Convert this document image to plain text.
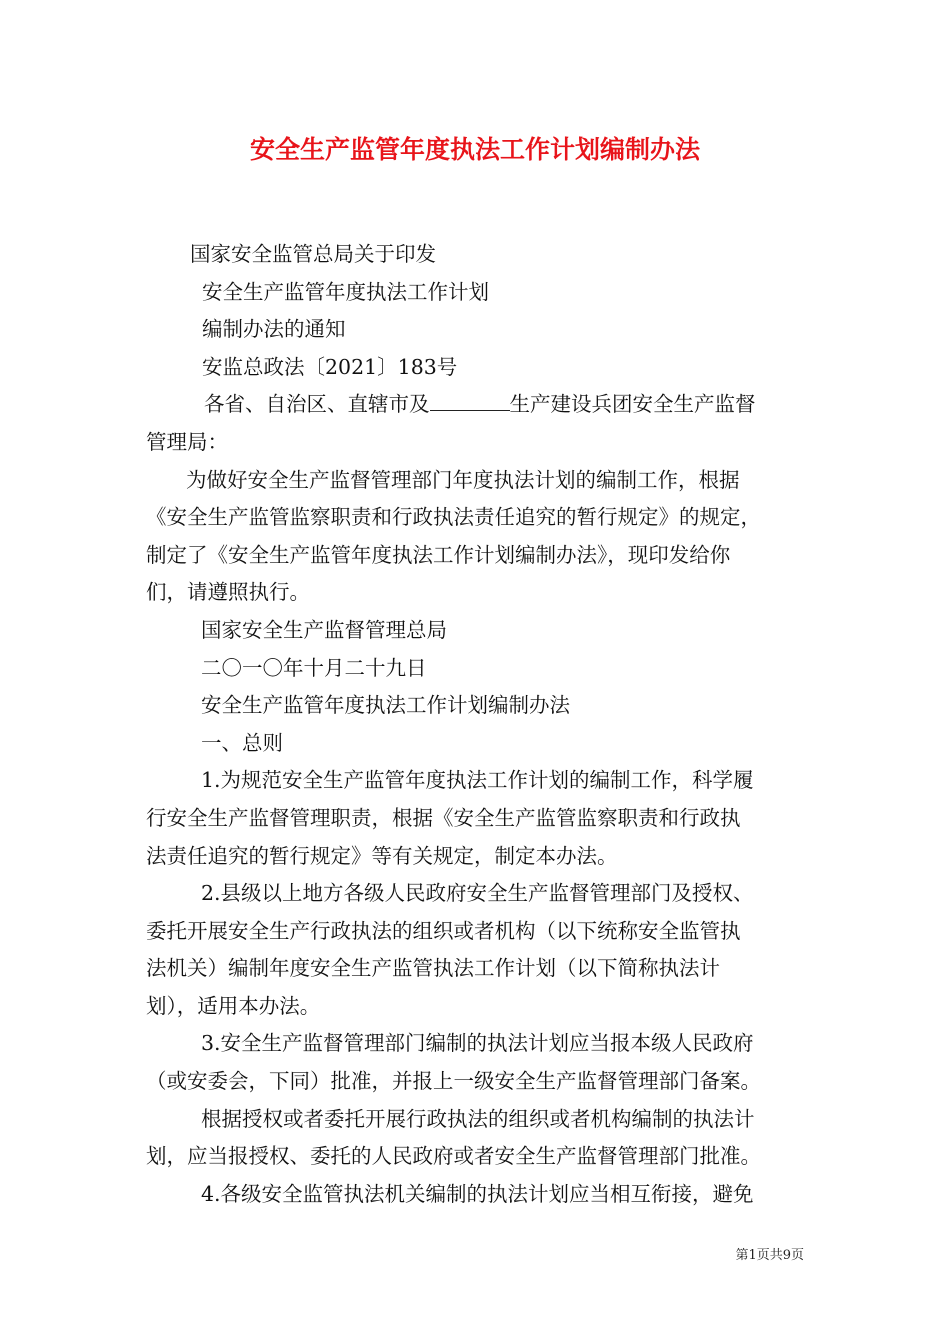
安全生产监管年度执法工作计划编制办法
国家安全监管总局关于印发
安全生产监管年度执法工作计划
编制办法的通知
安监总政法〔2021〕183号
各省、自治区、直辖市及	生产建设兵团安全生产监督
管理局：
为做好安全生产监督管理部门年度执法计划的编制工作，根据
《安全生产监管监察职责和行政执法责任追究的暂行规定》的规定，
制定了《安全生产监管年度执法工作计划编制办法》，现印发给你
们，请遵照执行。
国家安全生产监督管理总局
二〇一〇年十月二十九日
安全生产监管年度执法工作计划编制办法
一、总则
1.为规范安全生产监管年度执法工作计划的编制工作，科学履
行安全生产监督管理职责，根据《安全生产监管监察职责和行政执
法责任追究的暂行规定》等有关规定，制定本办法。
2.县级以上地方各级人民政府安全生产监督管理部门及授权、
委托开展安全生产行政执法的组织或者机构（以下统称安全监管执
法机关）编制年度安全生产监管执法工作计划（以下简称执法计
划），适用本办法。
3.安全生产监督管理部门编制的执法计划应当报本级人民政府
（或安委会，下同）批准，并报上一级安全生产监督管理部门备案。
根据授权或者委托开展行政执法的组织或者机构编制的执法计
划，应当报授权、委托的人民政府或者安全生产监督管理部门批准。
4.各级安全监管执法机关编制的执法计划应当相互衔接，避免
第1页共9页
